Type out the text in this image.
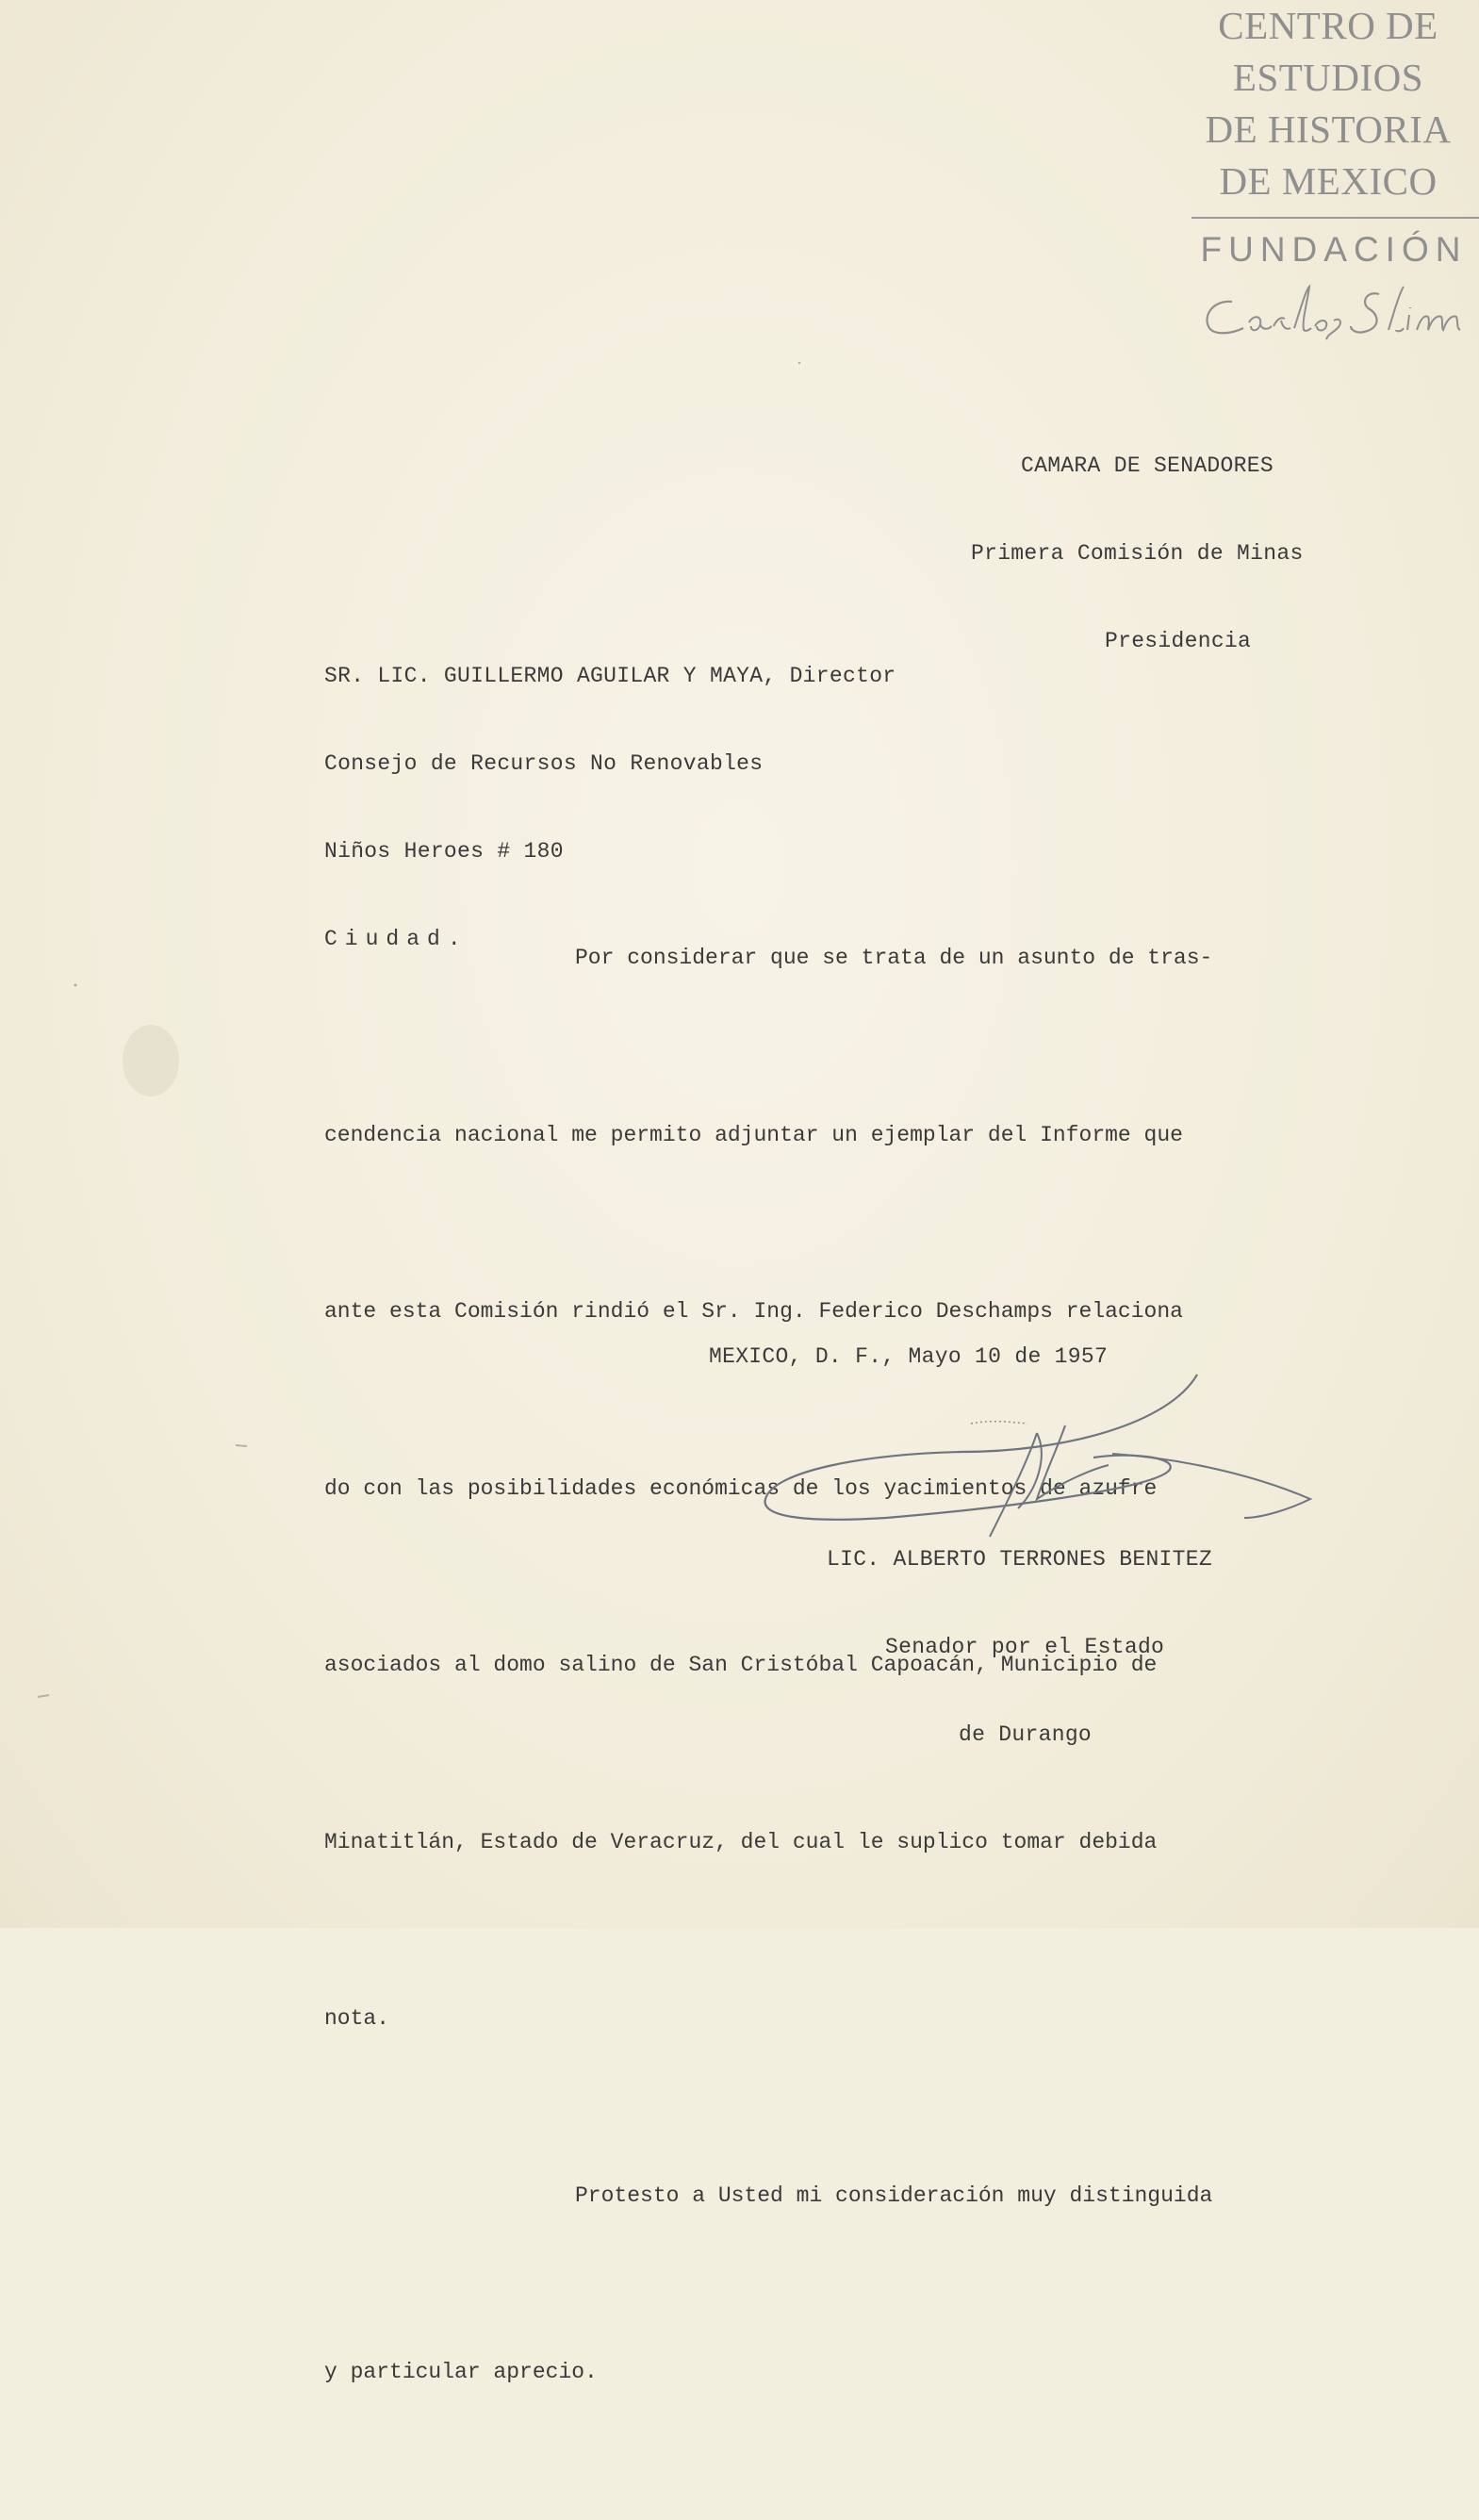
CENTRO DE
ESTUDIOS
DE HISTORIA
DE MEXICO
FUNDACIÓN

CAMARA DE SENADORES

Primera Comisión de Minas

Presidencia

SR. LIC. GUILLERMO AGUILAR Y MAYA, Director

Consejo de Recursos No Renovables

Niños Heroes # 180

Ciudad.

Por considerar que se trata de un asunto de tras-

cendencia nacional me permito adjuntar un ejemplar del Informe que

ante esta Comisión rindió el Sr. Ing. Federico Deschamps relaciona

do con las posibilidades económicas de los yacimientos de azufre

asociados al domo salino de San Cristóbal Capoacán, Municipio de

Minatitlán, Estado de Veracruz, del cual le suplico tomar debida

nota.

Protesto a Usted mi consideración muy distinguida

y particular aprecio.

MEXICO, D. F., Mayo 10 de 1957

LIC. ALBERTO TERRONES BENITEZ

Senador por el Estado

de Durango
